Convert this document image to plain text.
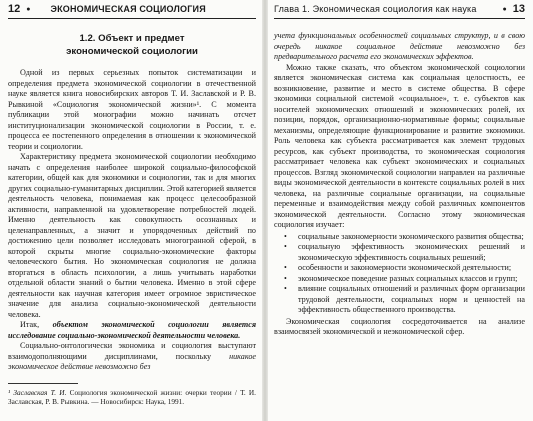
12 ● ЭКОНОМИЧЕСКАЯ СОЦИОЛОГИЯ
1.2. Объект и предмет
экономической социологии

Одной из первых серьезных попыток систематизации и определения предмета экономической социологии в отечественной науке является книга новосибирских авторов Т. И. Заславской и Р. В. Рывкиной «Социология экономической жизни»¹. С момента публикации этой монографии можно начинать отсчет институционализации экономической социологии в России, т. е. процесса ее постепенного определения в отношении к экономической теории и социологии.

Характеристику предмета экономической социологии необходимо начать с определения наиболее широкой социально-философской категории, общей как для экономики и социологии, так и для многих других социально-гуманитарных дисциплин. Этой категорией является деятельность человека, понимаемая как процесс целесообразной активности, направленной на удовлетворение потребностей людей. Именно деятельность как совокупность осознанных и целенаправленных, а значит и упорядоченных действий по достижению цели позволяет исследовать многогранной сферой, в которой скрыты многие социально-экономические факторы человеческого бытия. Но экономическая социология не должна вторгаться в область психологии, а лишь учитывать наработки отдельной области знаний о бытии человека. Именно в этой сфере деятельности как научная категория имеет огромное эвристическое значение для анализа социально-экономической деятельности человека.

Итак, объектом экономической социологии является исследование социально-экономической деятельности человека.

Социально-онтологически экономика и социология выступают взаимодополняющими дисциплинами, поскольку никакое экономическое действие невозможно без

¹ Заславская Т. И. Социология экономической жизни: очерки теории / Т. И. Заславская, Р. В. Рывкина. — Новосибирск: Наука, 1991.

Глава 1. Экономическая социология как наука	● 13

учета функциональных особенностей социальных структур, и в свою очередь никакое социальное действие невозможно без предварительного расчета его экономических эффектов.

Можно также сказать, что объектом экономической социологии является экономическая система как социальная целостность, ее возникновение, развитие и место в системе общества. В сфере экономики социальной системой «социальное», т. е. субъектов как носителей экономических отношений и экономических ролей, их позиции, порядок, организационно-нормативные формы; социальные механизмы, определяющие функционирование и развитие экономики. Роль человека как субъекта рассматривается как элемент трудовых ресурсов, как субъект производства, то экономическая социология рассматривает человека как субъект экономических и социальных процессов. Взгляд экономической социологии направлен на различные виды экономической деятельности в контексте социальных ролей в них человека, на различные социальные организации, на социальные переменные и взаимодействия между собой различных компонентов экономической деятельности. Согласно этому экономическая социология изучает:

• социальные закономерности экономического развития общества;
• социальную эффективность экономических решений и экономическую эффективность социальных решений;
• особенности и закономерности экономической деятельности;
• экономическое поведение разных социальных классов и групп;
• влияние социальных отношений и различных форм организации трудовой деятельности, социальных норм и ценностей на эффективность общественного производства.

Экономическая социология сосредоточивается на анализе взаимосвязей экономической и неэкономической сфер.
